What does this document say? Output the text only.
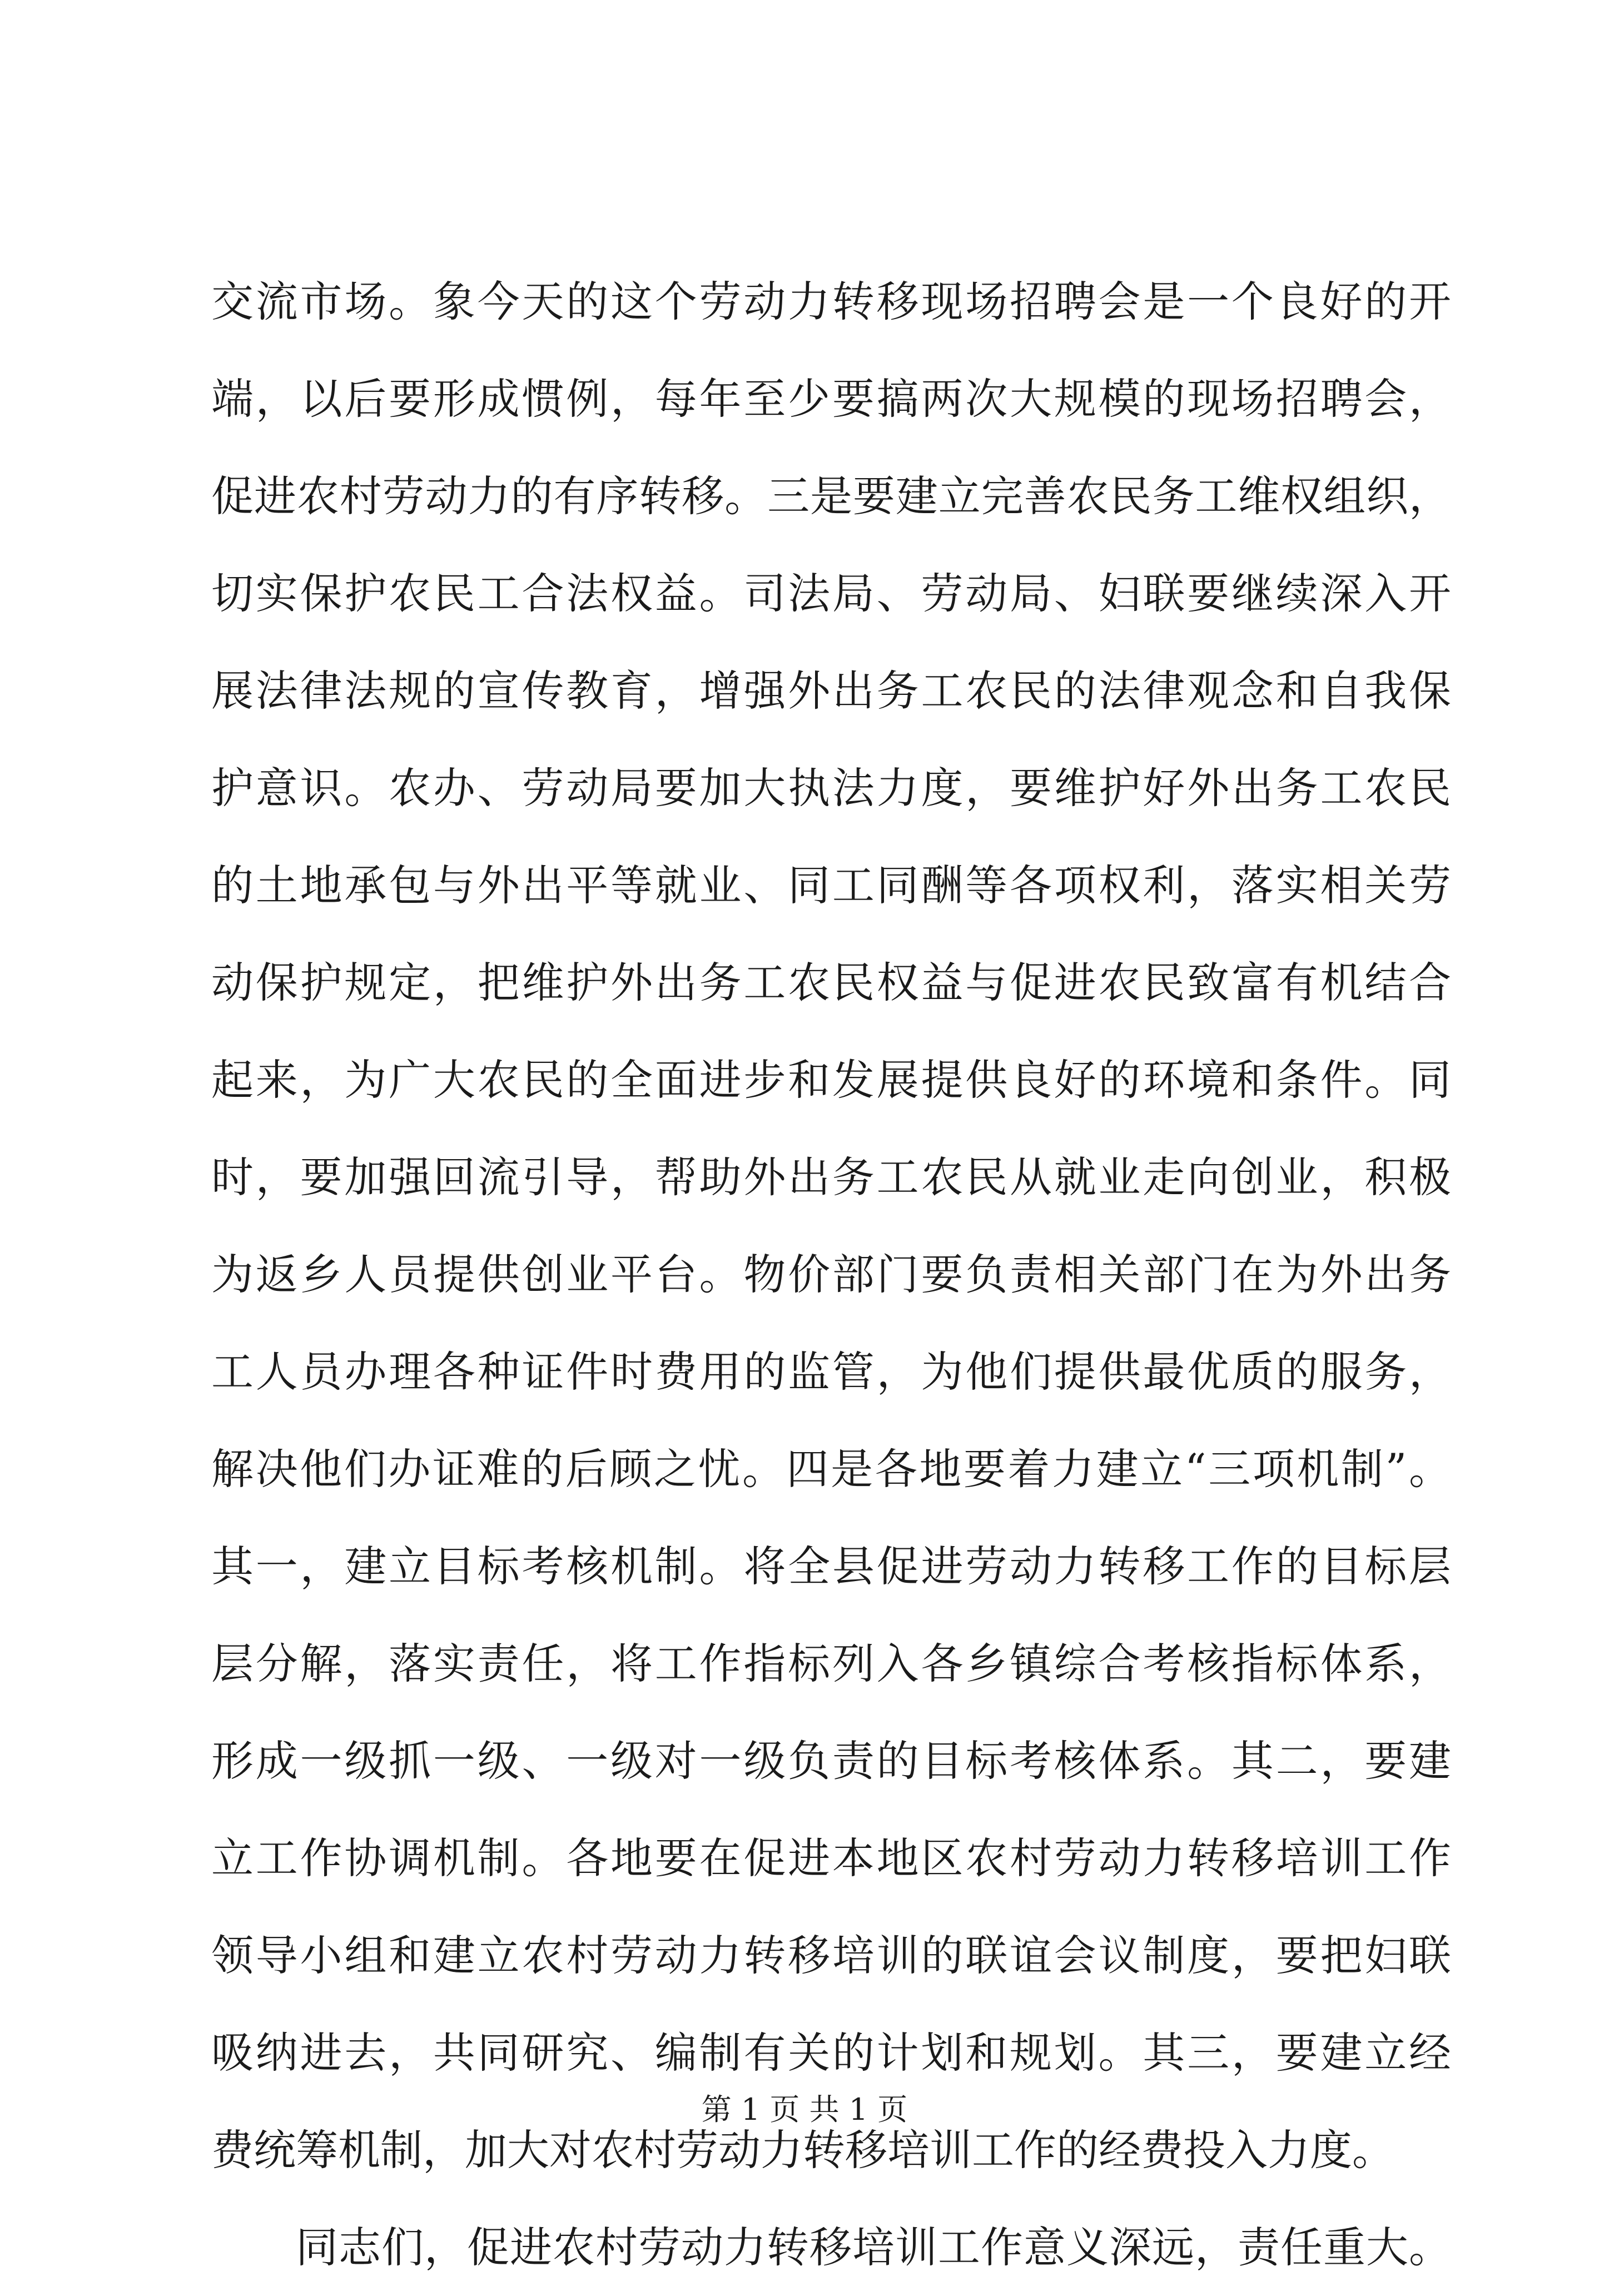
交流市场。象今天的这个劳动力转移现场招聘会是一个良好的开
端，以后要形成惯例，每年至少要搞两次大规模的现场招聘会，
促进农村劳动力的有序转移。三是要建立完善农民务工维权组织，
切实保护农民工合法权益。司法局、劳动局、妇联要继续深入开
展法律法规的宣传教育，增强外出务工农民的法律观念和自我保
护意识。农办、劳动局要加大执法力度，要维护好外出务工农民
的土地承包与外出平等就业、同工同酬等各项权利，落实相关劳
动保护规定，把维护外出务工农民权益与促进农民致富有机结合
起来，为广大农民的全面进步和发展提供良好的环境和条件。同
时，要加强回流引导，帮助外出务工农民从就业走向创业，积极
为返乡人员提供创业平台。物价部门要负责相关部门在为外出务
工人员办理各种证件时费用的监管，为他们提供最优质的服务，
解决他们办证难的后顾之忧。四是各地要着力建立“三项机制”。
其一，建立目标考核机制。将全县促进劳动力转移工作的目标层
层分解，落实责任，将工作指标列入各乡镇综合考核指标体系，
形成一级抓一级、一级对一级负责的目标考核体系。其二，要建
立工作协调机制。各地要在促进本地区农村劳动力转移培训工作
领导小组和建立农村劳动力转移培训的联谊会议制度，要把妇联
吸纳进去，共同研究、编制有关的计划和规划。其三，要建立经
费统筹机制，加大对农村劳动力转移培训工作的经费投入力度。
同志们，促进农村劳动力转移培训工作意义深远，责任重大。
第 1 页 共 1 页
